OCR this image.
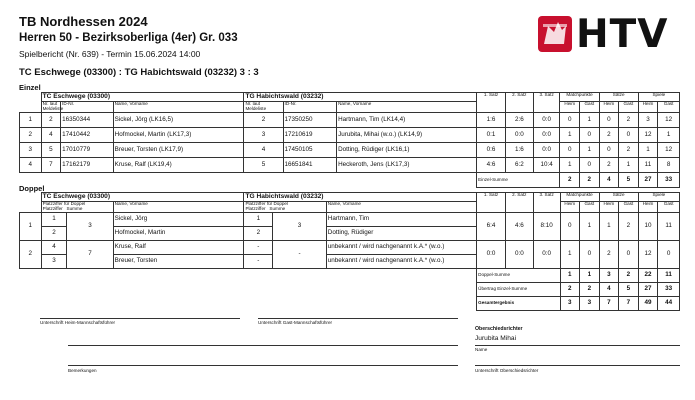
TB Nordhessen 2024
Herren 50 - Bezirksoberliga (4er) Gr. 033
Spielbericht (Nr. 639) - Termin 15.06.2024 14:00
TC Eschwege (03300) : TG Habichtswald (03232) 3 : 3
HTV
Einzel
	TC Eschwege (03300)			TG Habichtswald (03232)			1. Satz	2. Satz	3. Satz	Matchpunkte		Sätze		Spiele	
	Nr. laut Meldeliste	ID-Nr.	Name, Vorname	Nr. laut Meldeliste	ID-Nr.	Name, Vorname				Heim	Gast	Heim	Gast	Heim	Gast
1	2	16350344	Sickel, Jörg (LK16,5)	2	17350250	Hartmann, Tim (LK14,4)	1:6	2:6	0:0	0	1	0	2	3	12
2	4	17410442	Hofmockel, Martin (LK17,3)	3	17210619	Jurubita, Mihai (w.o.) (LK14,9)	0:1	0:0	0:0	1	0	2	0	12	1
3	5	17010779	Breuer, Torsten (LK17,9)	4	17450105	Dotting, Rüdiger (LK16,1)	0:6	1:6	0:0	0	1	0	2	1	12
4	7	17162179	Kruse, Ralf (LK19,4)	5	16651841	Heckeroth, Jens (LK17,3)	4:6	6:2	10:4	1	0	2	1	11	8
							Einzel-Summe			2	2	4	5	27	33
Doppel
	TC Eschwege (03300)			TG Habichtswald (03232)			1. Satz	2. Satz	3. Satz	Matchpunkte		Sätze		Spiele	
	Platzziffer für Doppel
Platzziffer Summe		Name, Vorname	Platzziffer für Doppel
Platzziffer Summe		Name, Vorname				Heim	Gast	Heim	Gast	Heim	Gast
1	1	3	Sickel, Jörg	1	3	Hartmann, Tim	6:4	4:6	8:10	0	1	1	2	10	11
	2		Hofmockel, Martin	2		Dotting, Rüdiger									
2	4	7	Kruse, Ralf	-	-	unbekannt / wird nachgenannt k.A.* (w.o.)	0:0	0:0	0:0	1	0	2	0	12	0
	3		Breuer, Torsten	-		unbekannt / wird nachgenannt k.A.* (w.o.)									
							Doppel-Summe			1	1	3	2	22	11
							Übertrag Einzel-Summe			2	2	4	5	27	33
							Gesamtergebnis			3	3	7	7	49	44
Unterschrift Heim-Mannschaftsführer	Unterschrift Gast-Mannschaftsführer
Bemerkungen
Oberschiedsrichter
Jurubita Mihai
Name
Unterschrift Oberschiedsrichter
